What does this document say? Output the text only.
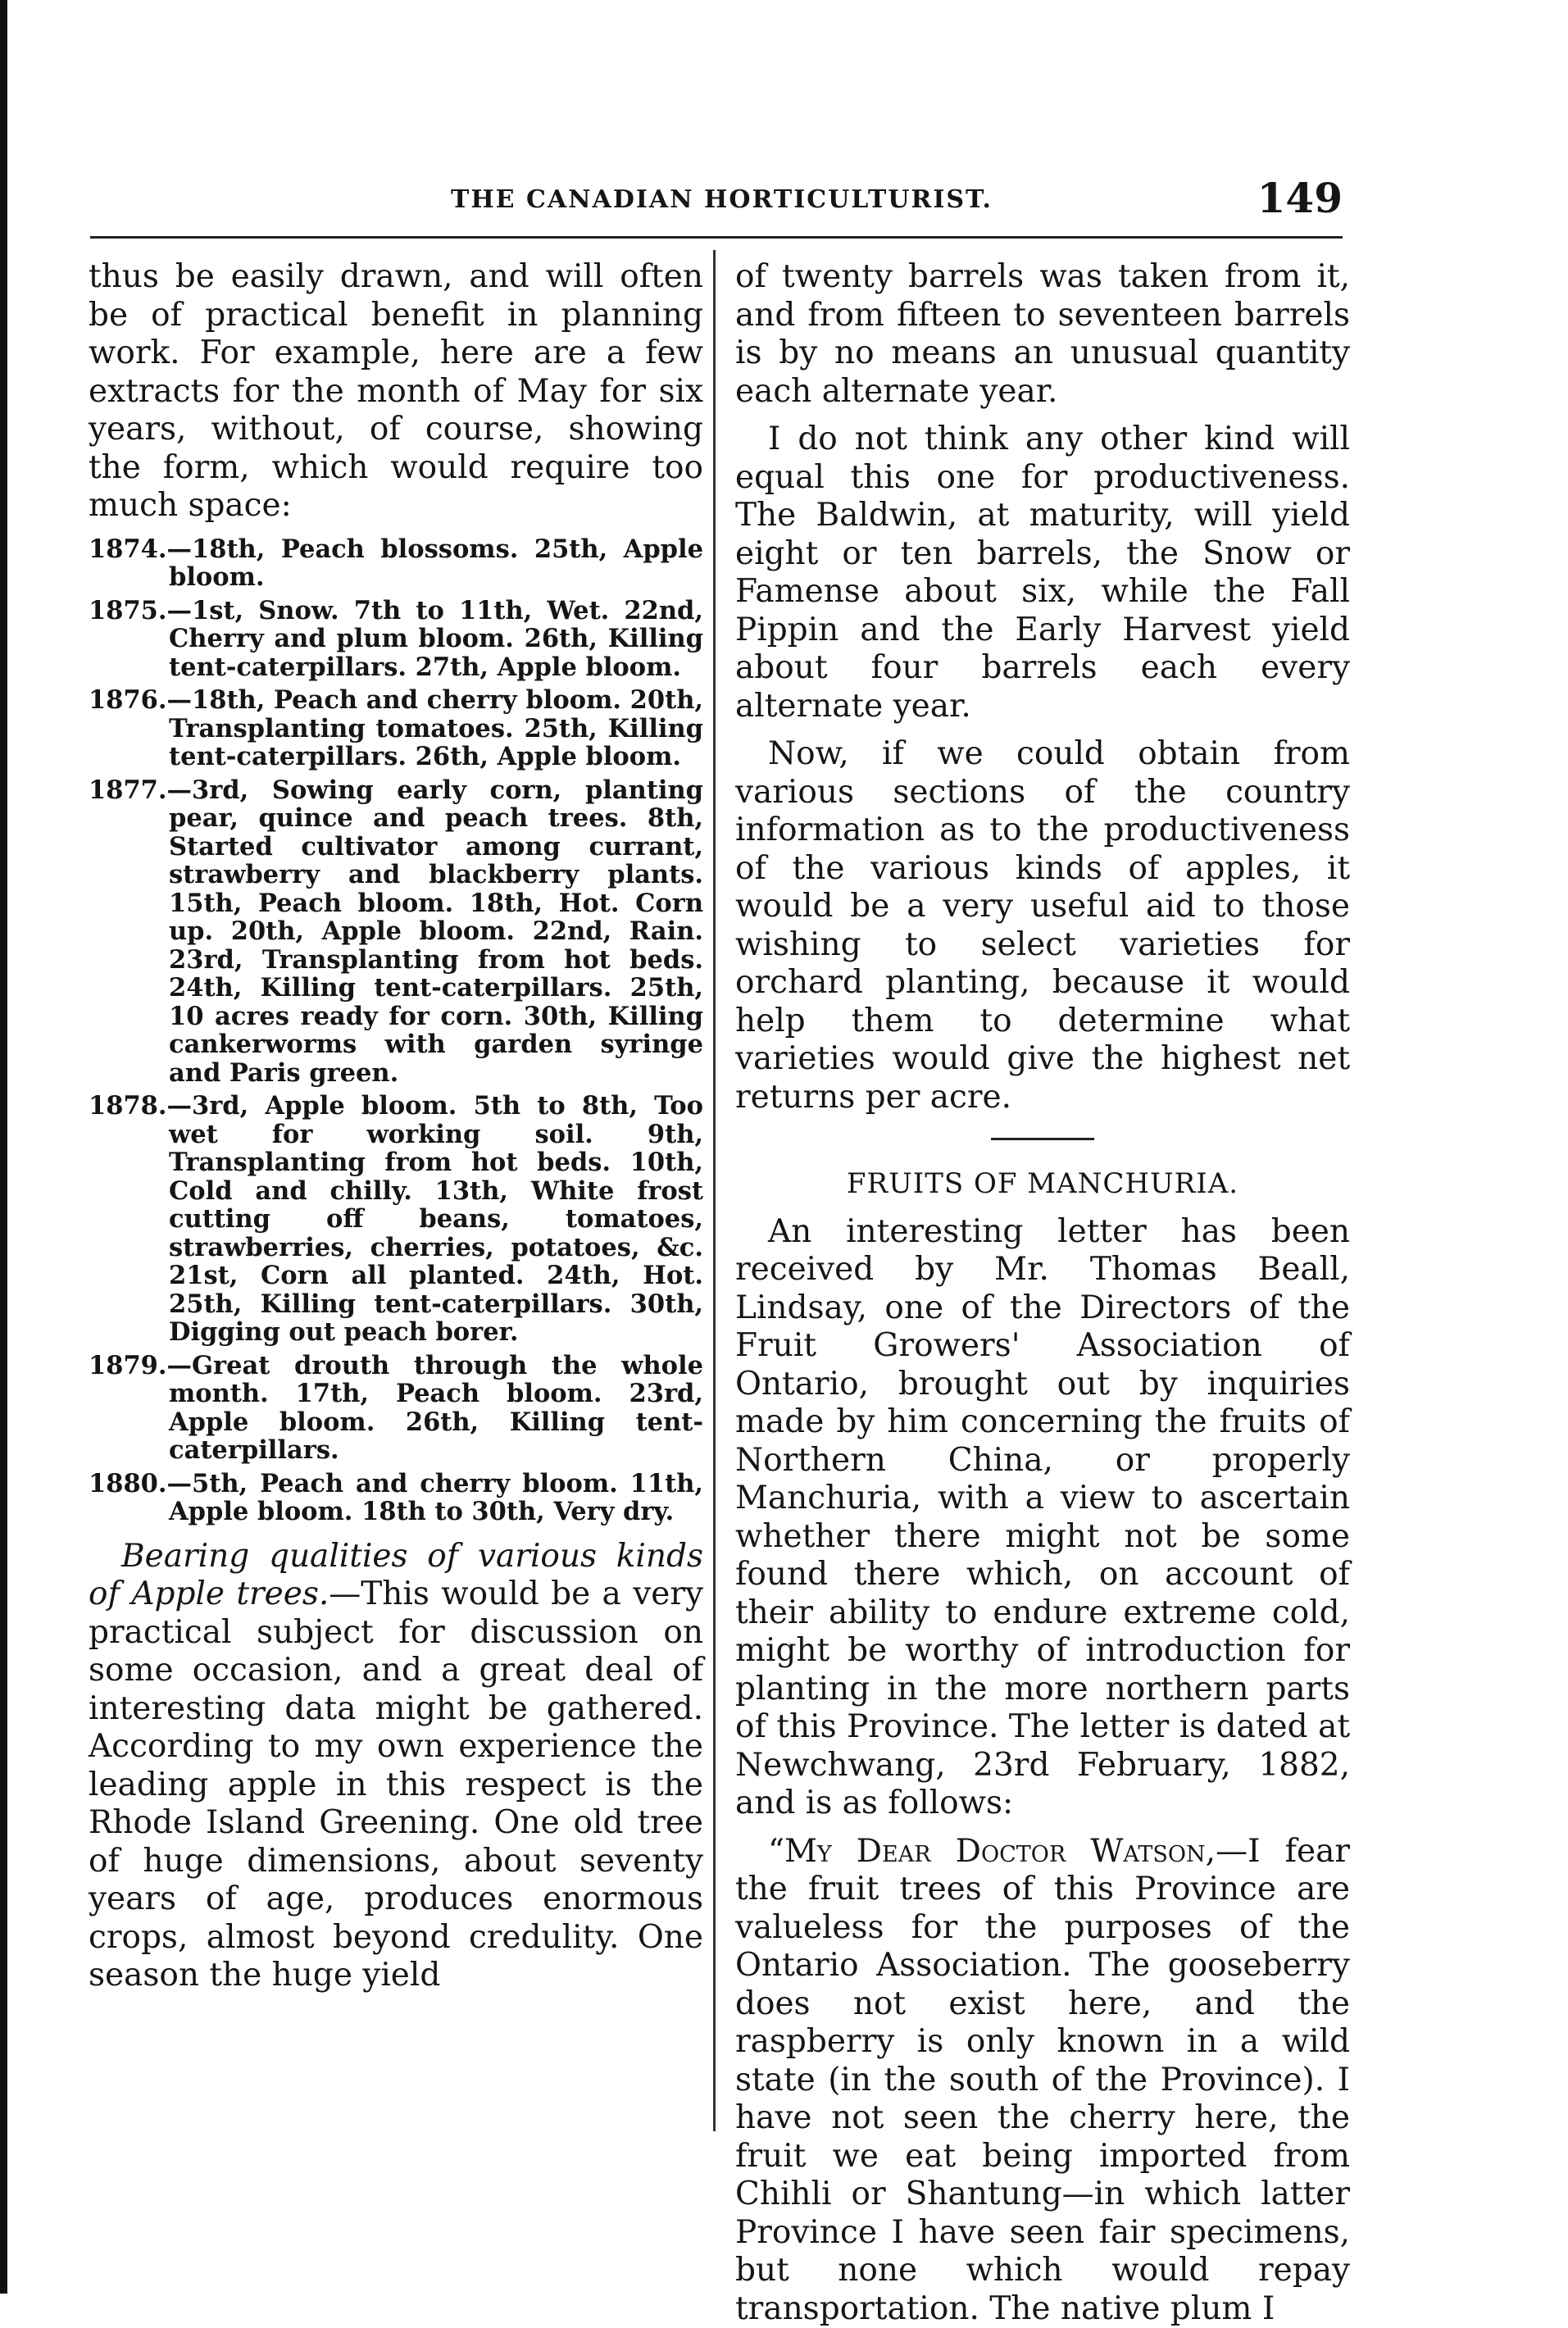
THE CANADIAN HORTICULTURIST.	149

thus be easily drawn, and will often be of practical benefit in planning work. For example, here are a few extracts for the month of May for six years, without, of course, showing the form, which would require too much space:

1874.—18th, Peach blossoms. 25th, Apple bloom.
1875.—1st, Snow. 7th to 11th, Wet. 22nd, Cherry and plum bloom. 26th, Killing tent-caterpillars. 27th, Apple bloom.
1876.—18th, Peach and cherry bloom. 20th, Transplanting tomatoes. 25th, Killing tent-caterpillars. 26th, Apple bloom.
1877.—3rd, Sowing early corn, planting pear, quince and peach trees. 8th, Started cultivator among currant, strawberry and blackberry plants. 15th, Peach bloom. 18th, Hot. Corn up. 20th, Apple bloom. 22nd, Rain. 23rd, Transplanting from hot beds. 24th, Killing tent-caterpillars. 25th, 10 acres ready for corn. 30th, Killing cankerworms with garden syringe and Paris green.
1878.—3rd, Apple bloom. 5th to 8th, Too wet for working soil. 9th, Transplanting from hot beds. 10th, Cold and chilly. 13th, White frost cutting off beans, tomatoes, strawberries, cherries, potatoes, &c. 21st, Corn all planted. 24th, Hot. 25th, Killing tent-caterpillars. 30th, Digging out peach borer.
1879.—Great drouth through the whole month. 17th, Peach bloom. 23rd, Apple bloom. 26th, Killing tent-caterpillars.
1880.—5th, Peach and cherry bloom. 11th, Apple bloom. 18th to 30th, Very dry.

Bearing qualities of various kinds of Apple trees.—This would be a very practical subject for discussion on some occasion, and a great deal of interesting data might be gathered. According to my own experience the leading apple in this respect is the Rhode Island Greening. One old tree of huge dimensions, about seventy years of age, produces enormous crops, almost beyond credulity. One season the huge yield

of twenty barrels was taken from it, and from fifteen to seventeen barrels is by no means an unusual quantity each alternate year.

I do not think any other kind will equal this one for productiveness. The Baldwin, at maturity, will yield eight or ten barrels, the Snow or Famense about six, while the Fall Pippin and the Early Harvest yield about four barrels each every alternate year.

Now, if we could obtain from various sections of the country information as to the productiveness of the various kinds of apples, it would be a very useful aid to those wishing to select varieties for orchard planting, because it would help them to determine what varieties would give the highest net returns per acre.

FRUITS OF MANCHURIA.

An interesting letter has been received by Mr. Thomas Beall, Lindsay, one of the Directors of the Fruit Growers' Association of Ontario, brought out by inquiries made by him concerning the fruits of Northern China, or properly Manchuria, with a view to ascertain whether there might not be some found there which, on account of their ability to endure extreme cold, might be worthy of introduction for planting in the more northern parts of this Province. The letter is dated at Newchwang, 23rd February, 1882, and is as follows:

“My Dear Doctor Watson,—I fear the fruit trees of this Province are valueless for the purposes of the Ontario Association. The gooseberry does not exist here, and the raspberry is only known in a wild state (in the south of the Province). I have not seen the cherry here, the fruit we eat being imported from Chihli or Shantung—in which latter Province I have seen fair specimens, but none which would repay transportation. The native plum I
